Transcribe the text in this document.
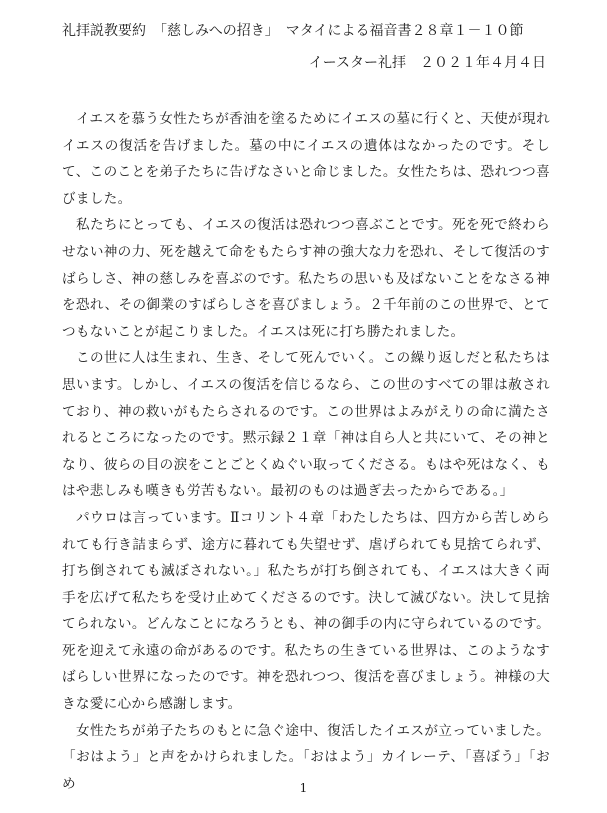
礼拝説教要約　「慈しみへの招き」　マタイによる福音書２８章１－１０節
イースター礼拝　２０２１年４月４日

イエスを慕う女性たちが香油を塗るためにイエスの墓に行くと、天使が現れイエスの復活を告げました。墓の中にイエスの遺体はなかったのです。そして、このことを弟子たちに告げなさいと命じました。女性たちは、恐れつつ喜びました。

私たちにとっても、イエスの復活は恐れつつ喜ぶことです。死を死で終わらせない神の力、死を越えて命をもたらす神の強大な力を恐れ、そして復活のすばらしさ、神の慈しみを喜ぶのです。私たちの思いも及ばないことをなさる神を恐れ、その御業のすばらしさを喜びましょう。２千年前のこの世界で、とてつもないことが起こりました。イエスは死に打ち勝たれました。

この世に人は生まれ、生き、そして死んでいく。この繰り返しだと私たちは思います。しかし、イエスの復活を信じるなら、この世のすべての罪は赦されており、神の救いがもたらされるのです。この世界はよみがえりの命に満たされるところになったのです。黙示録２１章「神は自ら人と共にいて、その神となり、彼らの目の涙をことごとくぬぐい取ってくださる。もはや死はなく、もはや悲しみも嘆きも労苦もない。最初のものは過ぎ去ったからである。」

パウロは言っています。Ⅱコリント４章「わたしたちは、四方から苦しめられても行き詰まらず、途方に暮れても失望せず、虐げられても見捨てられず、打ち倒されても滅ぼされない。」私たちが打ち倒されても、イエスは大きく両手を広げて私たちを受け止めてくださるのです。決して滅びない。決して見捨てられない。どんなことになろうとも、神の御手の内に守られているのです。死を迎えて永遠の命があるのです。私たちの生きている世界は、このようなすばらしい世界になったのです。神を恐れつつ、復活を喜びましょう。神様の大きな愛に心から感謝します。

女性たちが弟子たちのもとに急ぐ途中、復活したイエスが立っていました。「おはよう」と声をかけられました。「おはよう」カイレーテ、「喜ぼう」「おめ	1
